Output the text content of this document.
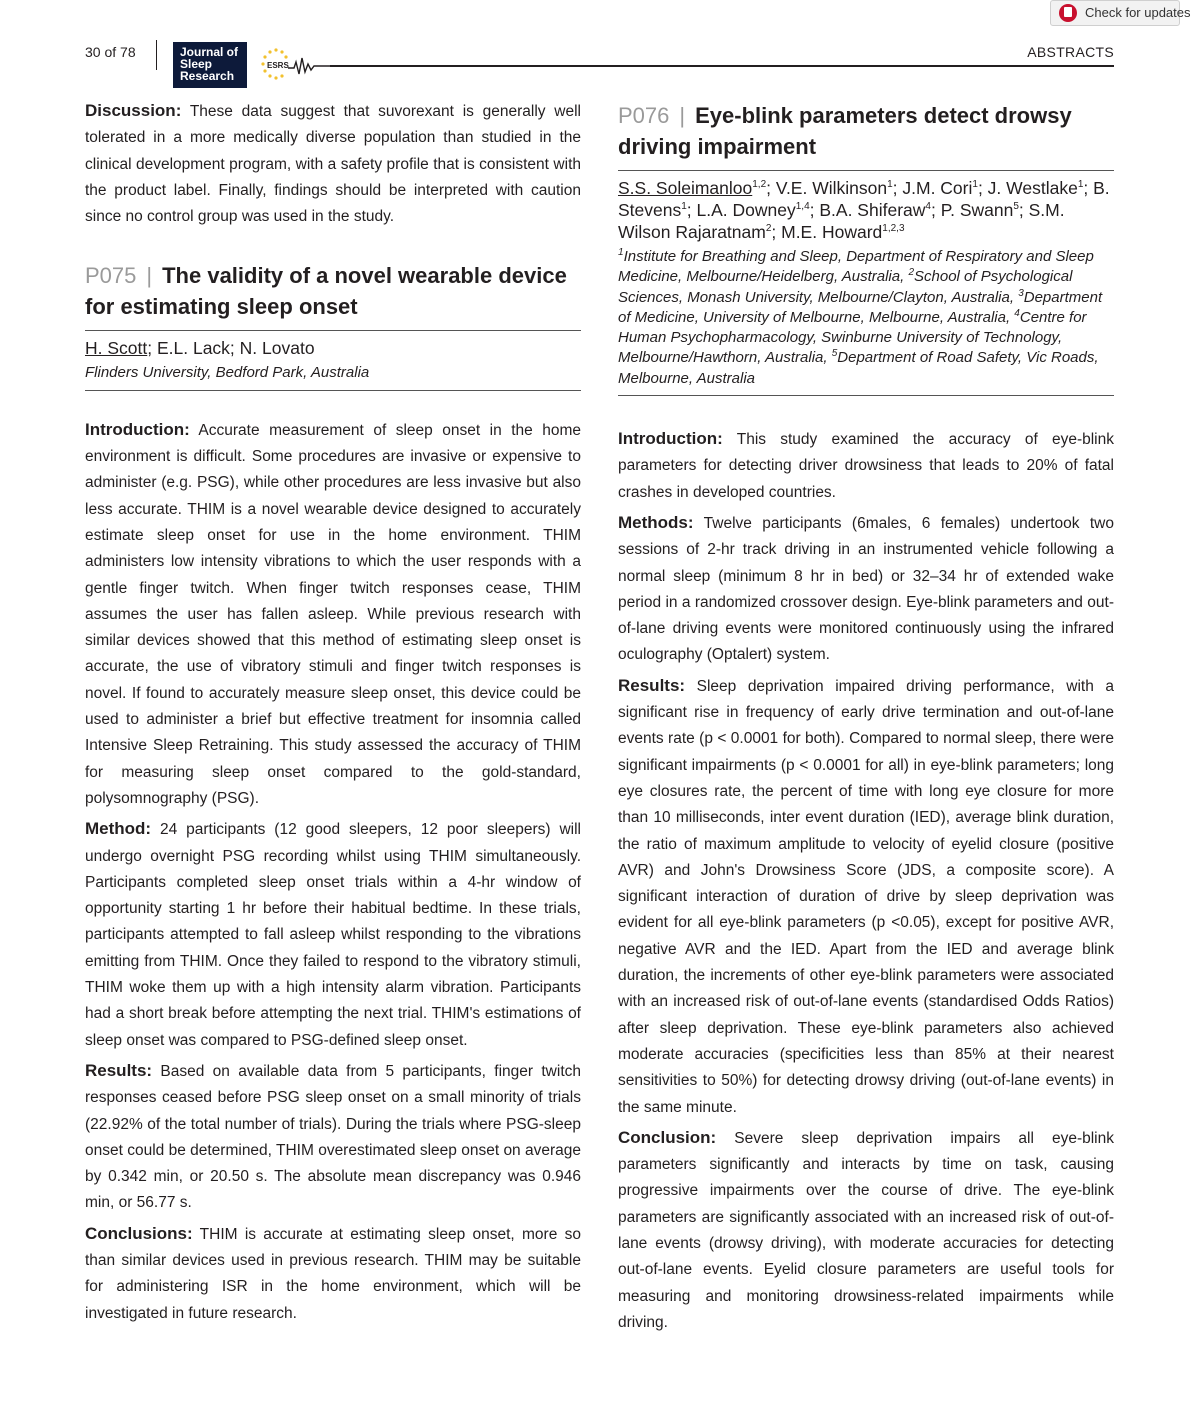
30 of 78	Journal of
Sleep
Research
ESRS
ABSTRACTS
Check for updates

Discussion: These data suggest that suvorexant is generally well tolerated in a more medically diverse population than studied in the clinical development program, with a safety profile that is consistent with the product label. Finally, findings should be interpreted with caution since no control group was used in the study.

P075 | The validity of a novel wearable device for estimating sleep onset
H. Scott; E.L. Lack; N. Lovato
Flinders University, Bedford Park, Australia

Introduction: Accurate measurement of sleep onset in the home environment is difficult. Some procedures are invasive or expensive to administer (e.g. PSG), while other procedures are less invasive but also less accurate. THIM is a novel wearable device designed to accurately estimate sleep onset for use in the home environment. THIM administers low intensity vibrations to which the user responds with a gentle finger twitch. When finger twitch responses cease, THIM assumes the user has fallen asleep. While previous research with similar devices showed that this method of estimating sleep onset is accurate, the use of vibratory stimuli and finger twitch responses is novel. If found to accurately measure sleep onset, this device could be used to administer a brief but effective treatment for insomnia called Intensive Sleep Retraining. This study assessed the accuracy of THIM for measuring sleep onset compared to the gold-standard, polysomnography (PSG).

Method: 24 participants (12 good sleepers, 12 poor sleepers) will undergo overnight PSG recording whilst using THIM simultaneously. Participants completed sleep onset trials within a 4-hr window of opportunity starting 1 hr before their habitual bedtime. In these trials, participants attempted to fall asleep whilst responding to the vibrations emitting from THIM. Once they failed to respond to the vibratory stimuli, THIM woke them up with a high intensity alarm vibration. Participants had a short break before attempting the next trial. THIM's estimations of sleep onset was compared to PSG-defined sleep onset.

Results: Based on available data from 5 participants, finger twitch responses ceased before PSG sleep onset on a small minority of trials (22.92% of the total number of trials). During the trials where PSG-sleep onset could be determined, THIM overestimated sleep onset on average by 0.342 min, or 20.50 s. The absolute mean discrepancy was 0.946 min, or 56.77 s.

Conclusions: THIM is accurate at estimating sleep onset, more so than similar devices used in previous research. THIM may be suitable for administering ISR in the home environment, which will be investigated in future research.

P076 | Eye-blink parameters detect drowsy driving impairment
S.S. Soleimanloo$^{1,2}$; V.E. Wilkinson$^1$; J.M. Cori$^1$; J. Westlake$^1$; B. Stevens$^1$; L.A. Downey$^{1,4}$; B.A. Shiferaw$^4$; P. Swann$^5$; S.M. Wilson Rajaratnam$^2$; M.E. Howard$^{1,2,3}$
$^1$Institute for Breathing and Sleep, Department of Respiratory and Sleep Medicine, Melbourne/Heidelberg, Australia, $^2$School of Psychological Sciences, Monash University, Melbourne/Clayton, Australia, $^3$Department of Medicine, University of Melbourne, Melbourne, Australia, $^4$Centre for Human Psychopharmacology, Swinburne University of Technology, Melbourne/Hawthorn, Australia, $^5$Department of Road Safety, Vic Roads, Melbourne, Australia

Introduction: This study examined the accuracy of eye-blink parameters for detecting driver drowsiness that leads to 20% of fatal crashes in developed countries.

Methods: Twelve participants (6males, 6 females) undertook two sessions of 2-hr track driving in an instrumented vehicle following a normal sleep (minimum 8 hr in bed) or 32–34 hr of extended wake period in a randomized crossover design. Eye-blink parameters and out-of-lane driving events were monitored continuously using the infrared oculography (Optalert) system.

Results: Sleep deprivation impaired driving performance, with a significant rise in frequency of early drive termination and out-of-lane events rate (p < 0.0001 for both). Compared to normal sleep, there were significant impairments (p < 0.0001 for all) in eye-blink parameters; long eye closures rate, the percent of time with long eye closure for more than 10 milliseconds, inter event duration (IED), average blink duration, the ratio of maximum amplitude to velocity of eyelid closure (positive AVR) and John's Drowsiness Score (JDS, a composite score). A significant interaction of duration of drive by sleep deprivation was evident for all eye-blink parameters (p <0.05), except for positive AVR, negative AVR and the IED. Apart from the IED and average blink duration, the increments of other eye-blink parameters were associated with an increased risk of out-of-lane events (standardised Odds Ratios) after sleep deprivation. These eye-blink parameters also achieved moderate accuracies (specificities less than 85% at their nearest sensitivities to 50%) for detecting drowsy driving (out-of-lane events) in the same minute.

Conclusion: Severe sleep deprivation impairs all eye-blink parameters significantly and interacts by time on task, causing progressive impairments over the course of drive. The eye-blink parameters are significantly associated with an increased risk of out-of-lane events (drowsy driving), with moderate accuracies for detecting out-of-lane events. Eyelid closure parameters are useful tools for measuring and monitoring drowsiness-related impairments while driving.
